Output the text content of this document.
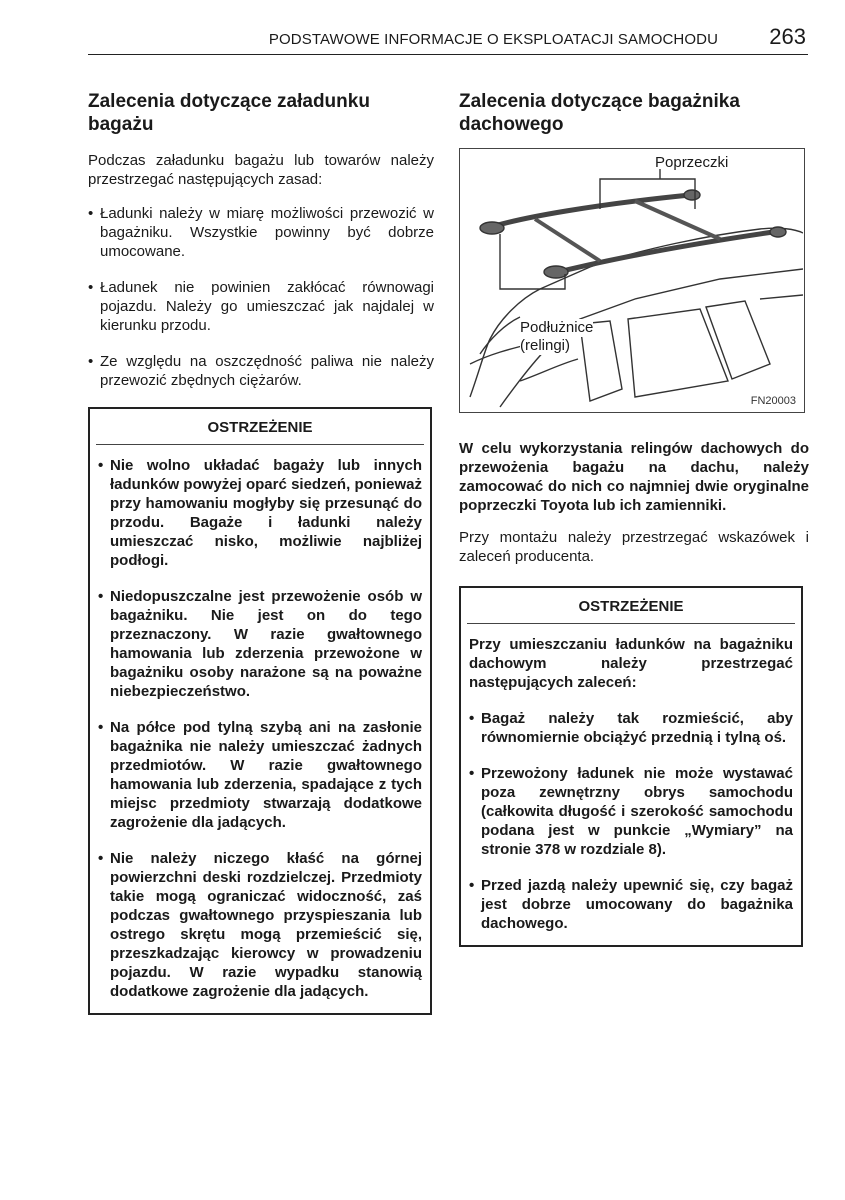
PODSTAWOWE INFORMACJE O EKSPLOATACJI SAMOCHODU 263
Zalecenia dotyczące załadunku bagażu

Podczas załadunku bagażu lub towarów należy przestrzegać następujących zasad:

• Ładunki należy w miarę możliwości przewozić w bagażniku. Wszystkie powinny być dobrze umocowane.
• Ładunek nie powinien zakłócać równowagi pojazdu. Należy go umieszczać jak najdalej w kierunku przodu.
• Ze względu na oszczędność paliwa nie należy przewozić zbędnych ciężarów.
OSTRZEŻENIE
• Nie wolno układać bagaży lub innych ładunków powyżej oparć siedzeń, ponieważ przy hamowaniu mogłyby się przesunąć do przodu. Bagaże i ładunki należy umieszczać nisko, możliwie najbliżej podłogi.
• Niedopuszczalne jest przewożenie osób w bagażniku. Nie jest on do tego przeznaczony. W razie gwałtownego hamowania lub zderzenia przewożone w bagażniku osoby narażone są na poważne niebezpieczeństwo.
• Na półce pod tylną szybą ani na zasłonie bagażnika nie należy umieszczać żadnych przedmiotów. W razie gwałtownego hamowania lub zderzenia, spadające z tych miejsc przedmioty stwarzają dodatkowe zagrożenie dla jadących.
• Nie należy niczego kłaść na górnej powierzchni deski rozdzielczej. Przedmioty takie mogą ograniczać widoczność, zaś podczas gwałtownego przyspieszania lub ostrego skrętu mogą przemieścić się, przeszkadzając kierowcy w prowadzeniu pojazdu. W razie wypadku stanowią dodatkowe zagrożenie dla jadących.
Zalecenia dotyczące bagażnika dachowego
Poprzeczki
Podłużnice
(relingi)
FN20003

W celu wykorzystania relingów dachowych do przewożenia bagażu na dachu, należy zamocować do nich co najmniej dwie oryginalne poprzeczki Toyota lub ich zamienniki.

Przy montażu należy przestrzegać wskazówek i zaleceń producenta.

OSTRZEŻENIE

Przy umieszczaniu ładunków na bagażniku dachowym należy przestrzegać następujących zaleceń:

• Bagaż należy tak rozmieścić, aby równomiernie obciążyć przednią i tylną oś.
• Przewożony ładunek nie może wystawać poza zewnętrzny obrys samochodu (całkowita długość i szerokość samochodu podana jest w punkcie „Wymiary” na stronie 378 w rozdziale 8).
• Przed jazdą należy upewnić się, czy bagaż jest dobrze umocowany do bagażnika dachowego.
